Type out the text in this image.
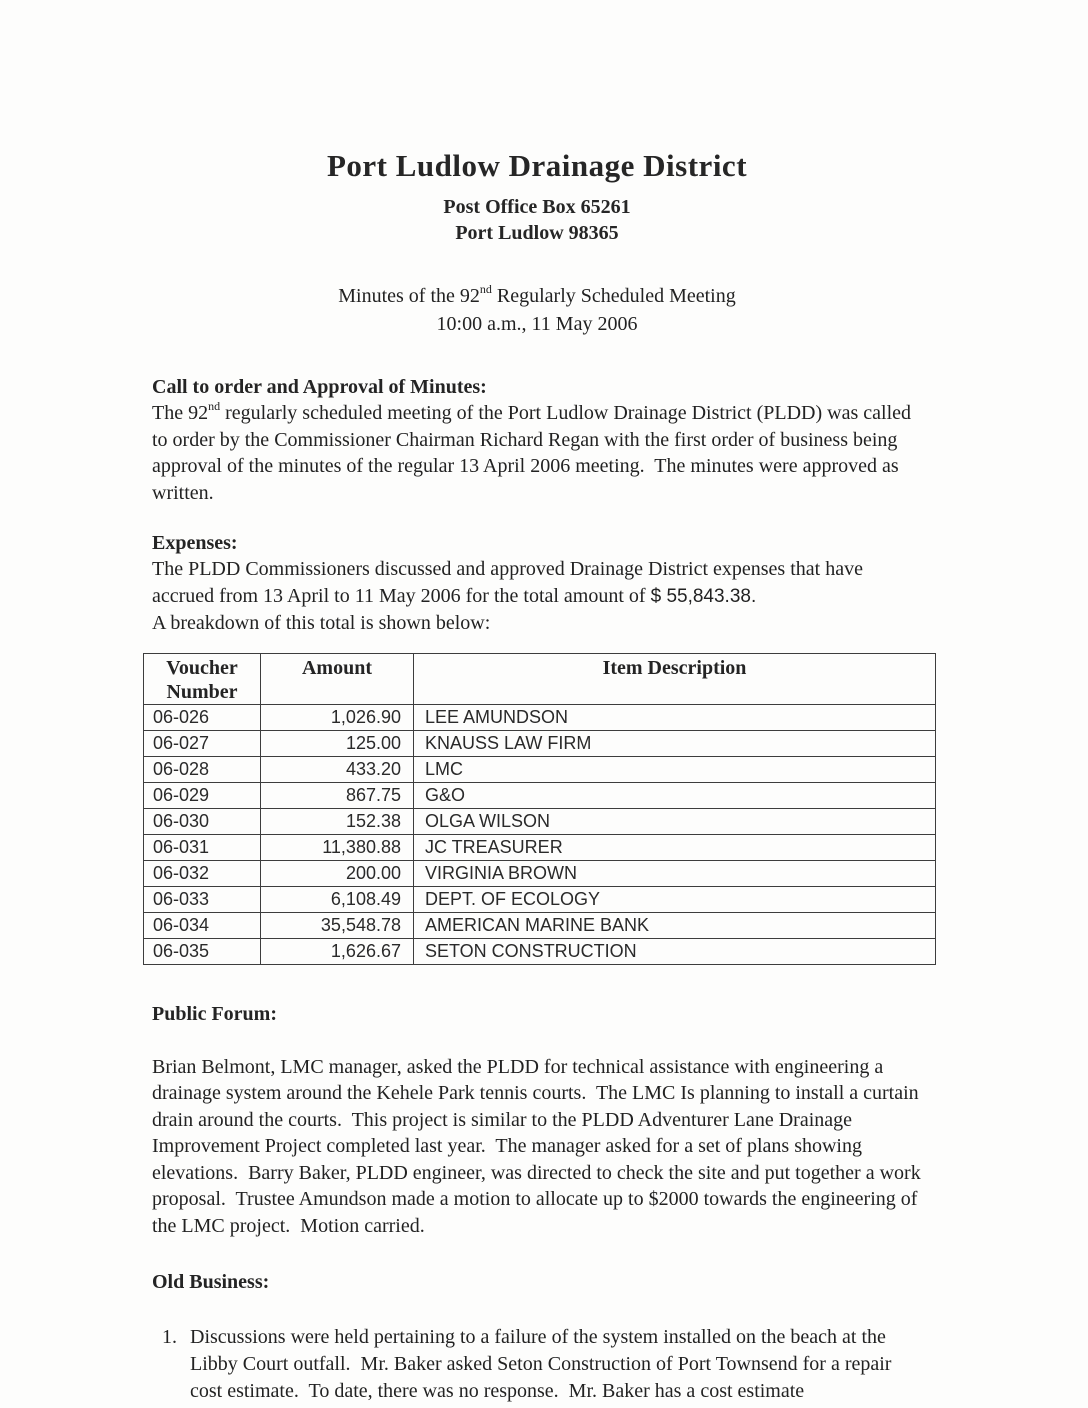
Port Ludlow Drainage District
Post Office Box 65261
Port Ludlow 98365
Minutes of the 92nd Regularly Scheduled Meeting
10:00 a.m., 11 May 2006
Call to order and Approval of Minutes:

The 92nd regularly scheduled meeting of the Port Ludlow Drainage District (PLDD) was called to order by the Commissioner Chairman Richard Regan with the first order of business being approval of the minutes of the regular 13 April 2006 meeting.  The minutes were approved as written.

Expenses:

The PLDD Commissioners discussed and approved Drainage District expenses that have accrued from 13 April to 11 May 2006 for the total amount of $ 55,843.38.

A breakdown of this total is shown below:

Voucher Number	Amount	Item Description
06-026	1,026.90	LEE AMUNDSON
06-027	125.00	KNAUSS LAW FIRM
06-028	433.20	LMC
06-029	867.75	G&O
06-030	152.38	OLGA WILSON
06-031	11,380.88	JC TREASURER
06-032	200.00	VIRGINIA BROWN
06-033	6,108.49	DEPT. OF ECOLOGY
06-034	35,548.78	AMERICAN MARINE BANK
06-035	1,626.67	SETON CONSTRUCTION
Public Forum:

Brian Belmont, LMC manager, asked the PLDD for technical assistance with engineering a drainage system around the Kehele Park tennis courts.  The LMC Is planning to install a curtain drain around the courts.  This project is similar to the PLDD Adventurer Lane Drainage Improvement Project completed last year.  The manager asked for a set of plans showing elevations.  Barry Baker, PLDD engineer, was directed to check the site and put together a work proposal.  Trustee Amundson made a motion to allocate up to $2000 towards the engineering of the LMC project.  Motion carried.

Old Business:
1. Discussions were held pertaining to a failure of the system installed on the beach at the Libby Court outfall.  Mr. Baker asked Seton Construction of Port Townsend for a repair cost estimate.  To date, there was no response.  Mr. Baker has a cost estimate
